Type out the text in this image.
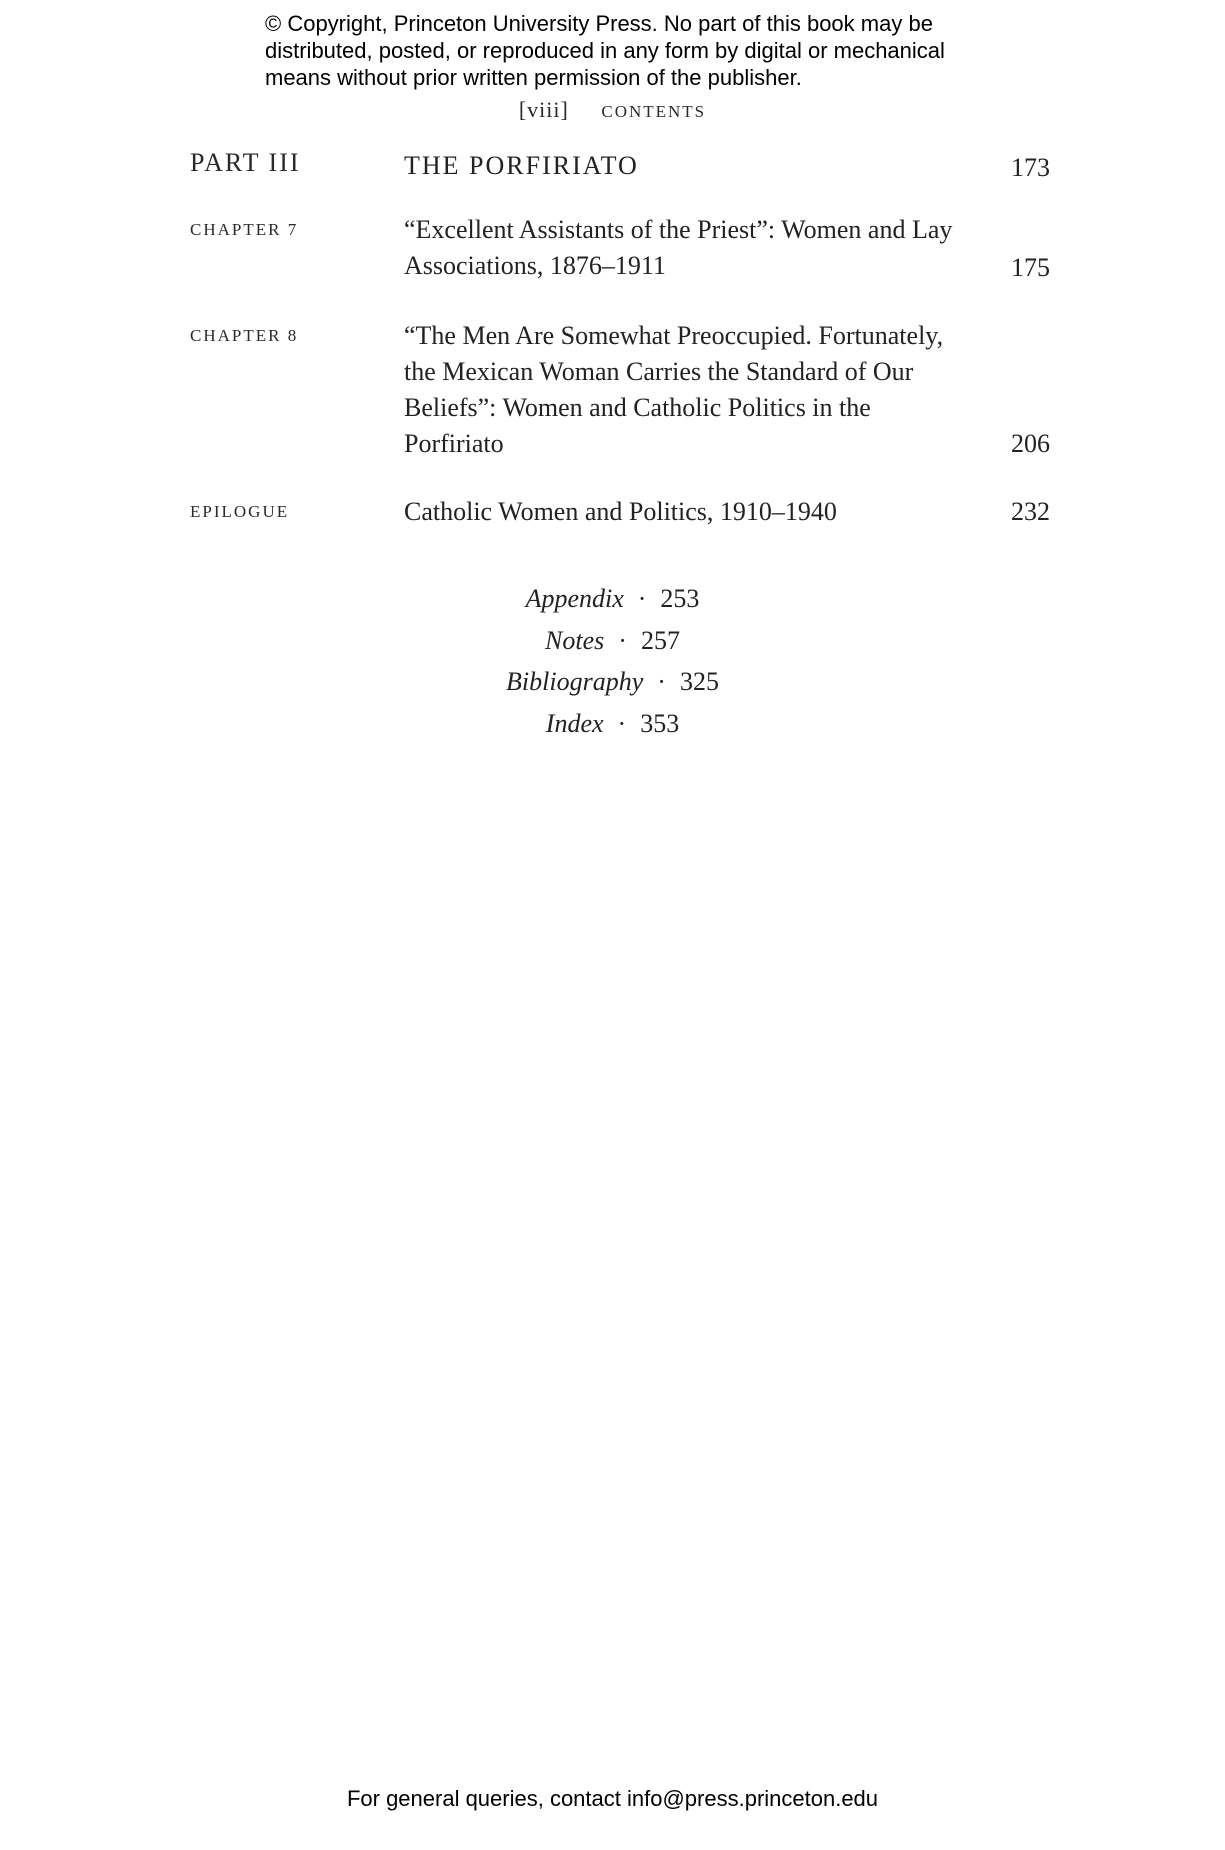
© Copyright, Princeton University Press. No part of this book may be distributed, posted, or reproduced in any form by digital or mechanical means without prior written permission of the publisher.
[viii] CONTENTS
PART III	THE PORFIRIATO	173
CHAPTER 7	“Excellent Assistants of the Priest”: Women and Lay Associations, 1876–1911	175
CHAPTER 8	“The Men Are Somewhat Preoccupied. Fortunately, the Mexican Woman Carries the Standard of Our Beliefs”: Women and Catholic Politics in the Porfiriato	206
EPILOGUE	Catholic Women and Politics, 1910–1940	232
Appendix · 253
Notes · 257
Bibliography · 325
Index · 353
For general queries, contact info@press.princeton.edu
